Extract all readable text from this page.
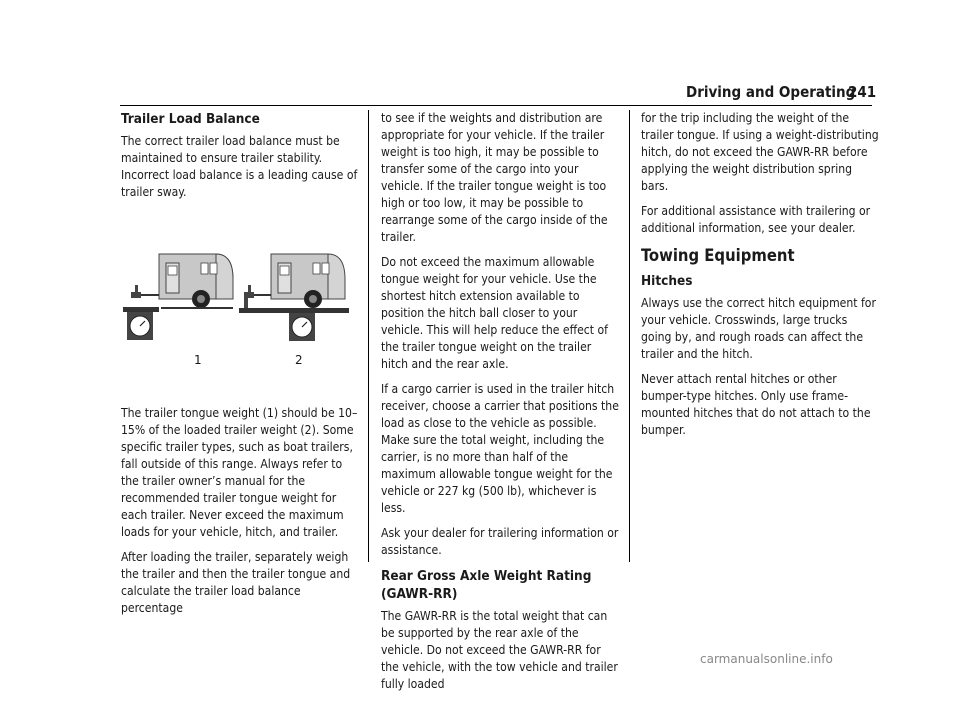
Driving and Operating
241
Trailer Load Balance

The correct trailer load balance must be maintained to ensure trailer stability. Incorrect load balance is a leading cause of trailer sway.

1	2

The trailer tongue weight (1) should be 10–15% of the loaded trailer weight (2). Some specific trailer types, such as boat trailers, fall outside of this range. Always refer to the trailer owner’s manual for the recommended trailer tongue weight for each trailer. Never exceed the maximum loads for your vehicle, hitch, and trailer.

After loading the trailer, separately weigh the trailer and then the trailer tongue and calculate the trailer load balance percentage

to see if the weights and distribution are appropriate for your vehicle. If the trailer weight is too high, it may be possible to transfer some of the cargo into your vehicle. If the trailer tongue weight is too high or too low, it may be possible to rearrange some of the cargo inside of the trailer.

Do not exceed the maximum allowable tongue weight for your vehicle. Use the shortest hitch extension available to position the hitch ball closer to your vehicle. This will help reduce the effect of the trailer tongue weight on the trailer hitch and the rear axle.

If a cargo carrier is used in the trailer hitch receiver, choose a carrier that positions the load as close to the vehicle as possible. Make sure the total weight, including the carrier, is no more than half of the maximum allowable tongue weight for the vehicle or 227 kg (500 lb), whichever is less.

Ask your dealer for trailering information or assistance.

Rear Gross Axle Weight Rating (GAWR-RR)

The GAWR-RR is the total weight that can be supported by the rear axle of the vehicle. Do not exceed the GAWR-RR for the vehicle, with the tow vehicle and trailer fully loaded

for the trip including the weight of the trailer tongue. If using a weight-distributing hitch, do not exceed the GAWR-RR before applying the weight distribution spring bars.

For additional assistance with trailering or additional information, see your dealer.

Towing Equipment
Hitches

Always use the correct hitch equipment for your vehicle. Crosswinds, large trucks going by, and rough roads can affect the trailer and the hitch.

Never attach rental hitches or other bumper-type hitches. Only use frame-mounted hitches that do not attach to the bumper.

carmanualsonline.info
